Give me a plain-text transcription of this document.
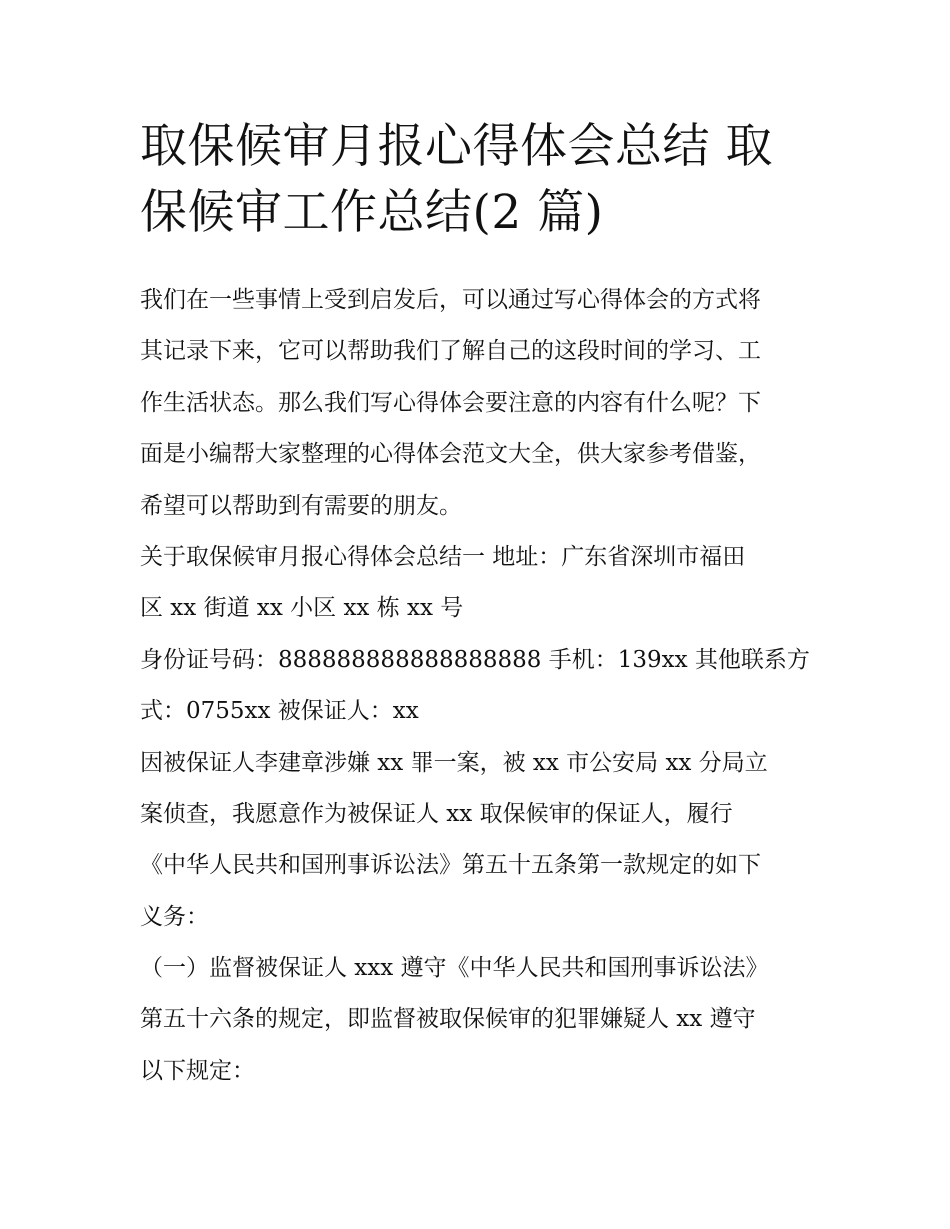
取保候审月报心得体会总结 取
保候审工作总结(2 篇)
我们在一些事情上受到启发后，可以通过写心得体会的方式将
其记录下来，它可以帮助我们了解自己的这段时间的学习、工
作生活状态。那么我们写心得体会要注意的内容有什么呢？下
面是小编帮大家整理的心得体会范文大全，供大家参考借鉴，
希望可以帮助到有需要的朋友。
关于取保候审月报心得体会总结一 地址：广东省深圳市福田
区 xx 街道 xx 小区 xx 栋 xx 号
身份证号码：888888888888888888 手机：139xx 其他联系方
式：0755xx 被保证人：xx
因被保证人李建章涉嫌 xx 罪一案，被 xx 市公安局 xx 分局立
案侦查，我愿意作为被保证人 xx 取保候审的保证人，履行
《中华人民共和国刑事诉讼法》第五十五条第一款规定的如下
义务：
（一）监督被保证人 xxx 遵守《中华人民共和国刑事诉讼法》
第五十六条的规定，即监督被取保候审的犯罪嫌疑人 xx 遵守
以下规定：
